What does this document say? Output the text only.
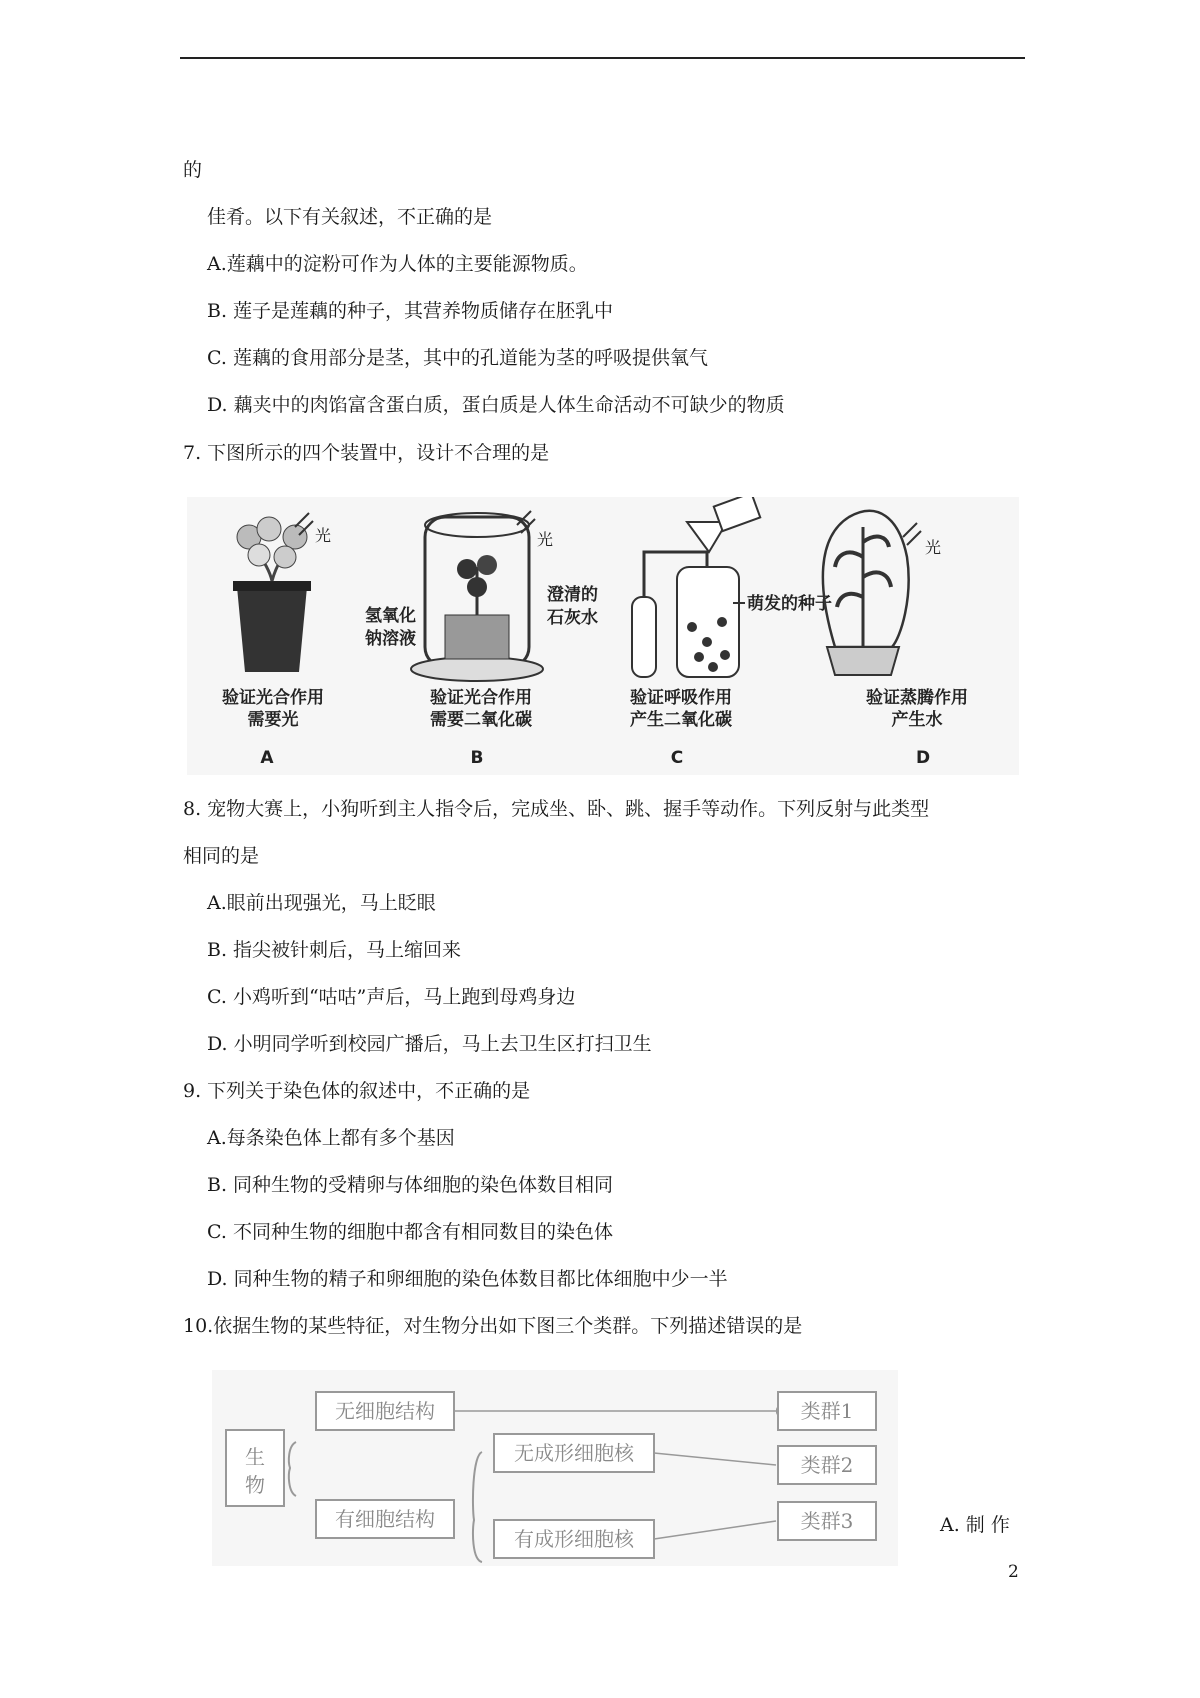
的
佳肴。以下有关叙述，不正确的是
A.莲藕中的淀粉可作为人体的主要能源物质。
B. 莲子是莲藕的种子，其营养物质储存在胚乳中
C. 莲藕的食用部分是茎，其中的孔道能为茎的呼吸提供氧气
D. 藕夹中的肉馅富含蛋白质，蛋白质是人体生命活动不可缺少的物质
7. 下图所示的四个装置中，设计不合理的是
光	光
氢氧化
钠溶液
澄清的
石灰水
萌发的种子
光
验证光合作用
需要光
A
验证光合作用
需要二氧化碳
B
验证呼吸作用
产生二氧化碳
C
验证蒸腾作用
产生水
D
8. 宠物大赛上，小狗听到主人指令后，完成坐、卧、跳、握手等动作。下列反射与此类型
相同的是
A.眼前出现强光，马上眨眼
B. 指尖被针刺后，马上缩回来
C. 小鸡听到“咕咕”声后，马上跑到母鸡身边
D. 小明同学听到校园广播后，马上去卫生区打扫卫生
9. 下列关于染色体的叙述中，不正确的是
A.每条染色体上都有多个基因
B. 同种生物的受精卵与体细胞的染色体数目相同
C. 不同种生物的细胞中都含有相同数目的染色体
D. 同种生物的精子和卵细胞的染色体数目都比体细胞中少一半
10.依据生物的某些特征，对生物分出如下图三个类群。下列描述错误的是
生
物
无细胞结构
有细胞结构
无成形细胞核
有成形细胞核
类群1
类群2
类群3	A. 制 作
2
